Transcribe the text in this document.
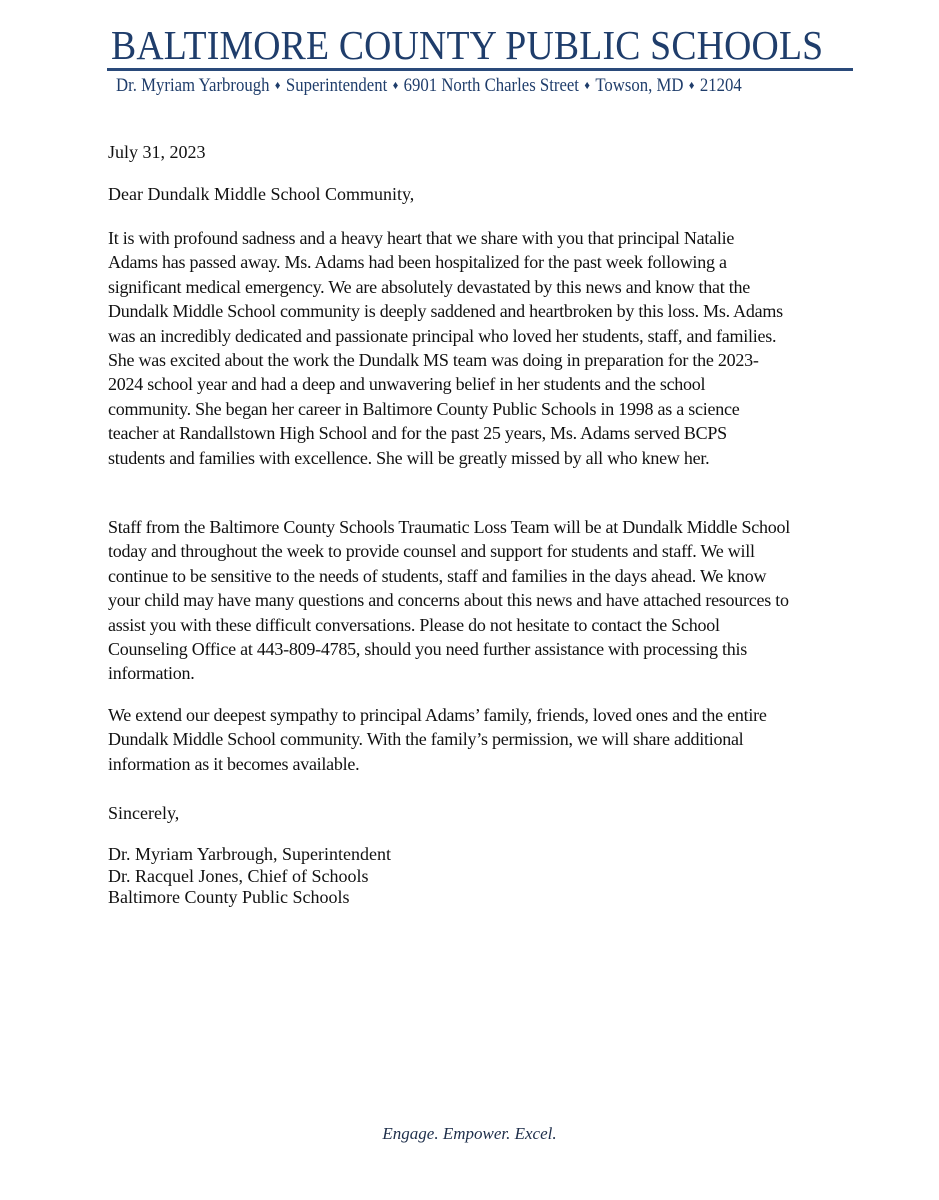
BALTIMORE COUNTY PUBLIC SCHOOLS
Dr. Myriam Yarbrough ♦ Superintendent ♦ 6901 North Charles Street ♦ Towson, MD ♦ 21204

July 31, 2023

Dear Dundalk Middle School Community,

It is with profound sadness and a heavy heart that we share with you that principal Natalie
Adams has passed away. Ms. Adams had been hospitalized for the past week following a
significant medical emergency. We are absolutely devastated by this news and know that the
Dundalk Middle School community is deeply saddened and heartbroken by this loss. Ms. Adams
was an incredibly dedicated and passionate principal who loved her students, staff, and families.
She was excited about the work the Dundalk MS team was doing in preparation for the 2023-
2024 school year and had a deep and unwavering belief in her students and the school
community. She began her career in Baltimore County Public Schools in 1998 as a science
teacher at Randallstown High School and for the past 25 years, Ms. Adams served BCPS
students and families with excellence. She will be greatly missed by all who knew her.

Staff from the Baltimore County Schools Traumatic Loss Team will be at Dundalk Middle School
today and throughout the week to provide counsel and support for students and staff. We will
continue to be sensitive to the needs of students, staff and families in the days ahead. We know
your child may have many questions and concerns about this news and have attached resources to
assist you with these difficult conversations. Please do not hesitate to contact the School
Counseling Office at 443-809-4785, should you need further assistance with processing this
information.

We extend our deepest sympathy to principal Adams’ family, friends, loved ones and the entire
Dundalk Middle School community. With the family’s permission, we will share additional
information as it becomes available.

Sincerely,

Dr. Myriam Yarbrough, Superintendent
Dr. Racquel Jones, Chief of Schools
Baltimore County Public Schools

Engage. Empower. Excel.
